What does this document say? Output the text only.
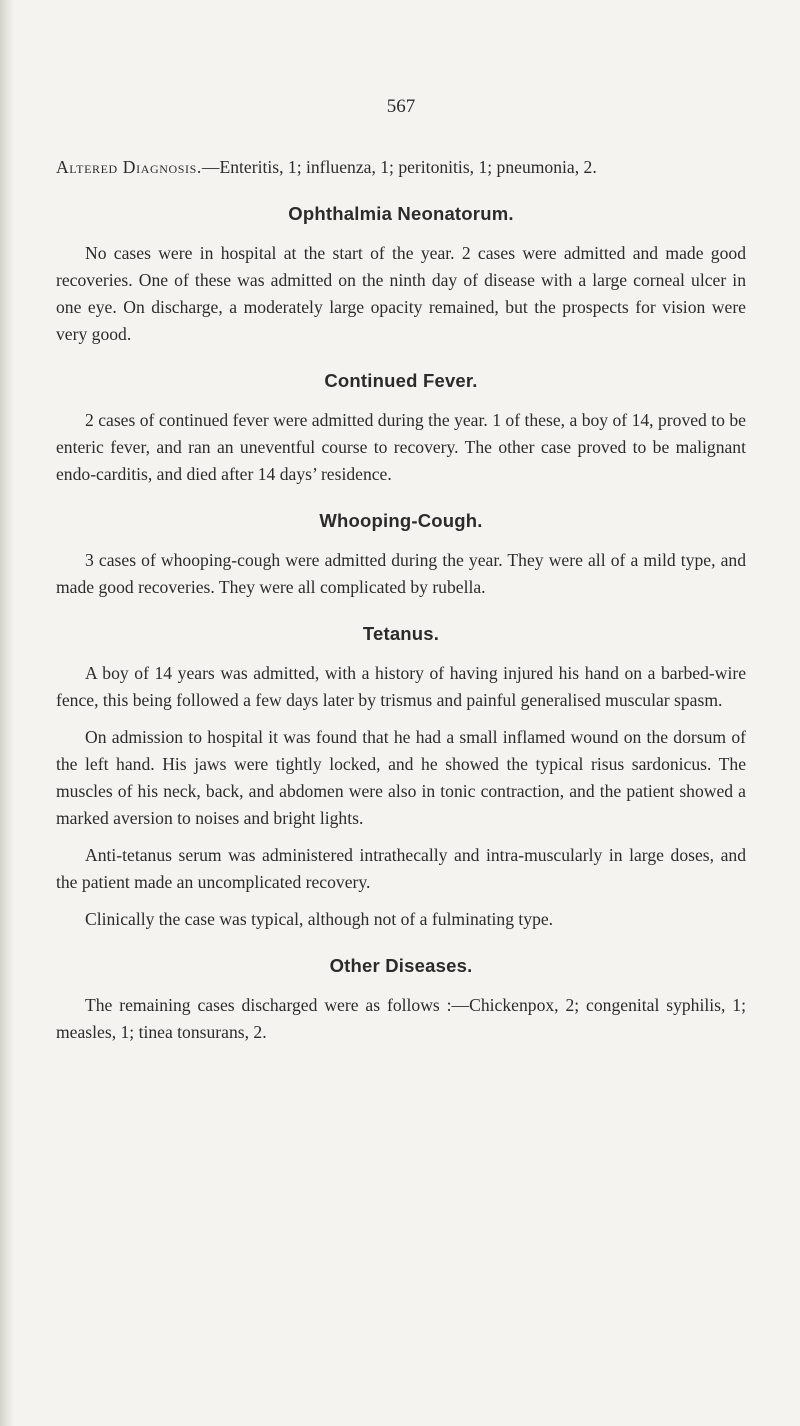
567

Altered Diagnosis.—Enteritis, 1; influenza, 1; peritonitis, 1; pneumonia, 2.

Ophthalmia Neonatorum.

No cases were in hospital at the start of the year. 2 cases were admitted and made good recoveries. One of these was admitted on the ninth day of disease with a large corneal ulcer in one eye. On discharge, a moderately large opacity remained, but the prospects for vision were very good.

Continued Fever.

2 cases of continued fever were admitted during the year. 1 of these, a boy of 14, proved to be enteric fever, and ran an uneventful course to recovery. The other case proved to be malignant endo-carditis, and died after 14 days’ residence.

Whooping-Cough.

3 cases of whooping-cough were admitted during the year. They were all of a mild type, and made good recoveries. They were all complicated by rubella.

Tetanus.

A boy of 14 years was admitted, with a history of having injured his hand on a barbed-wire fence, this being followed a few days later by trismus and painful generalised muscular spasm.

On admission to hospital it was found that he had a small inflamed wound on the dorsum of the left hand. His jaws were tightly locked, and he showed the typical risus sardonicus. The muscles of his neck, back, and abdomen were also in tonic contraction, and the patient showed a marked aversion to noises and bright lights.

Anti-tetanus serum was administered intrathecally and intra-muscularly in large doses, and the patient made an uncomplicated recovery.

Clinically the case was typical, although not of a fulminating type.

Other Diseases.

The remaining cases discharged were as follows :—Chickenpox, 2; congenital syphilis, 1; measles, 1; tinea tonsurans, 2.
